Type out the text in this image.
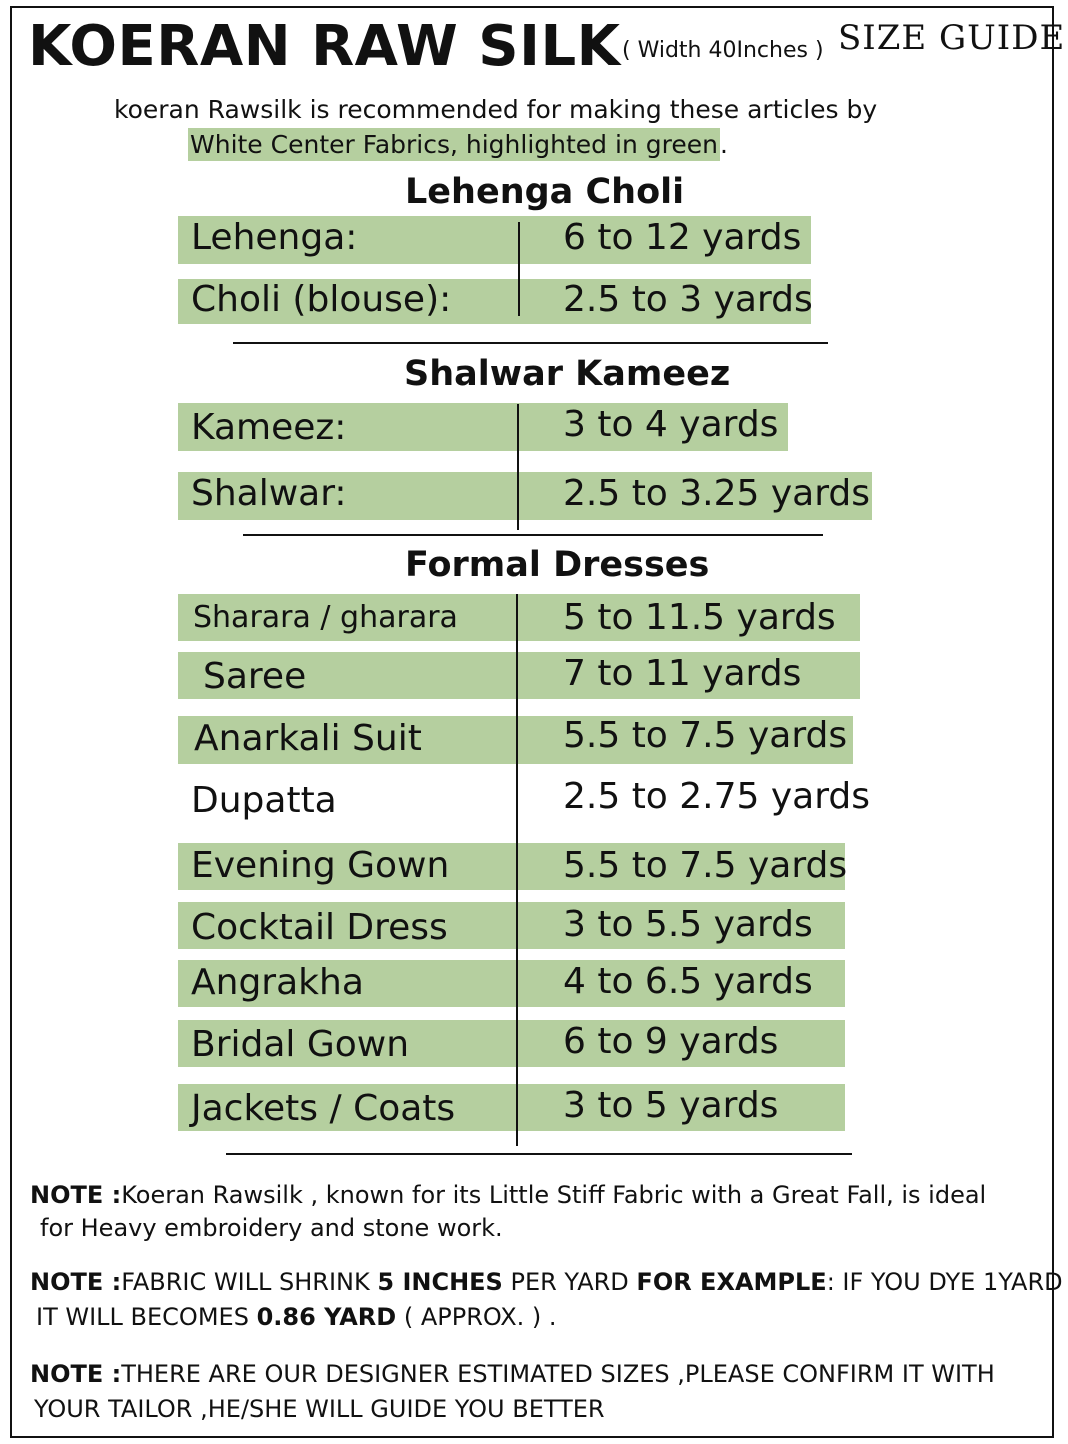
KOERAN RAW SILK ( Width 40Inches ) SIZE GUIDE
koeran Rawsilk is recommended for making these articles by
White Center Fabrics, highlighted in green.
Lehenga Choli
Lehenga:	6 to 12 yards
Choli (blouse):	2.5 to 3 yards
Shalwar Kameez
Kameez:	3 to 4 yards
Shalwar:	2.5 to 3.25 yards
Formal Dresses
Sharara / gharara	5 to 11.5 yards
Saree	7 to 11 yards
Anarkali Suit	5.5 to 7.5 yards
Dupatta	2.5 to 2.75 yards
Evening Gown	5.5 to 7.5 yards
Cocktail Dress	3 to 5.5 yards
Angrakha	4 to 6.5 yards
Bridal Gown	6 to 9 yards
Jackets / Coats	3 to 5 yards
NOTE :Koeran Rawsilk , known for its Little Stiff Fabric with a Great Fall, is ideal
for Heavy embroidery and stone work.
NOTE :FABRIC WILL SHRINK 5 INCHES PER YARD FOR EXAMPLE: IF YOU DYE 1YARD
IT WILL BECOMES 0.86 YARD ( APPROX. ) .
NOTE :THERE ARE OUR DESIGNER ESTIMATED SIZES ,PLEASE CONFIRM IT WITH
YOUR TAILOR ,HE/SHE WILL GUIDE YOU BETTER
